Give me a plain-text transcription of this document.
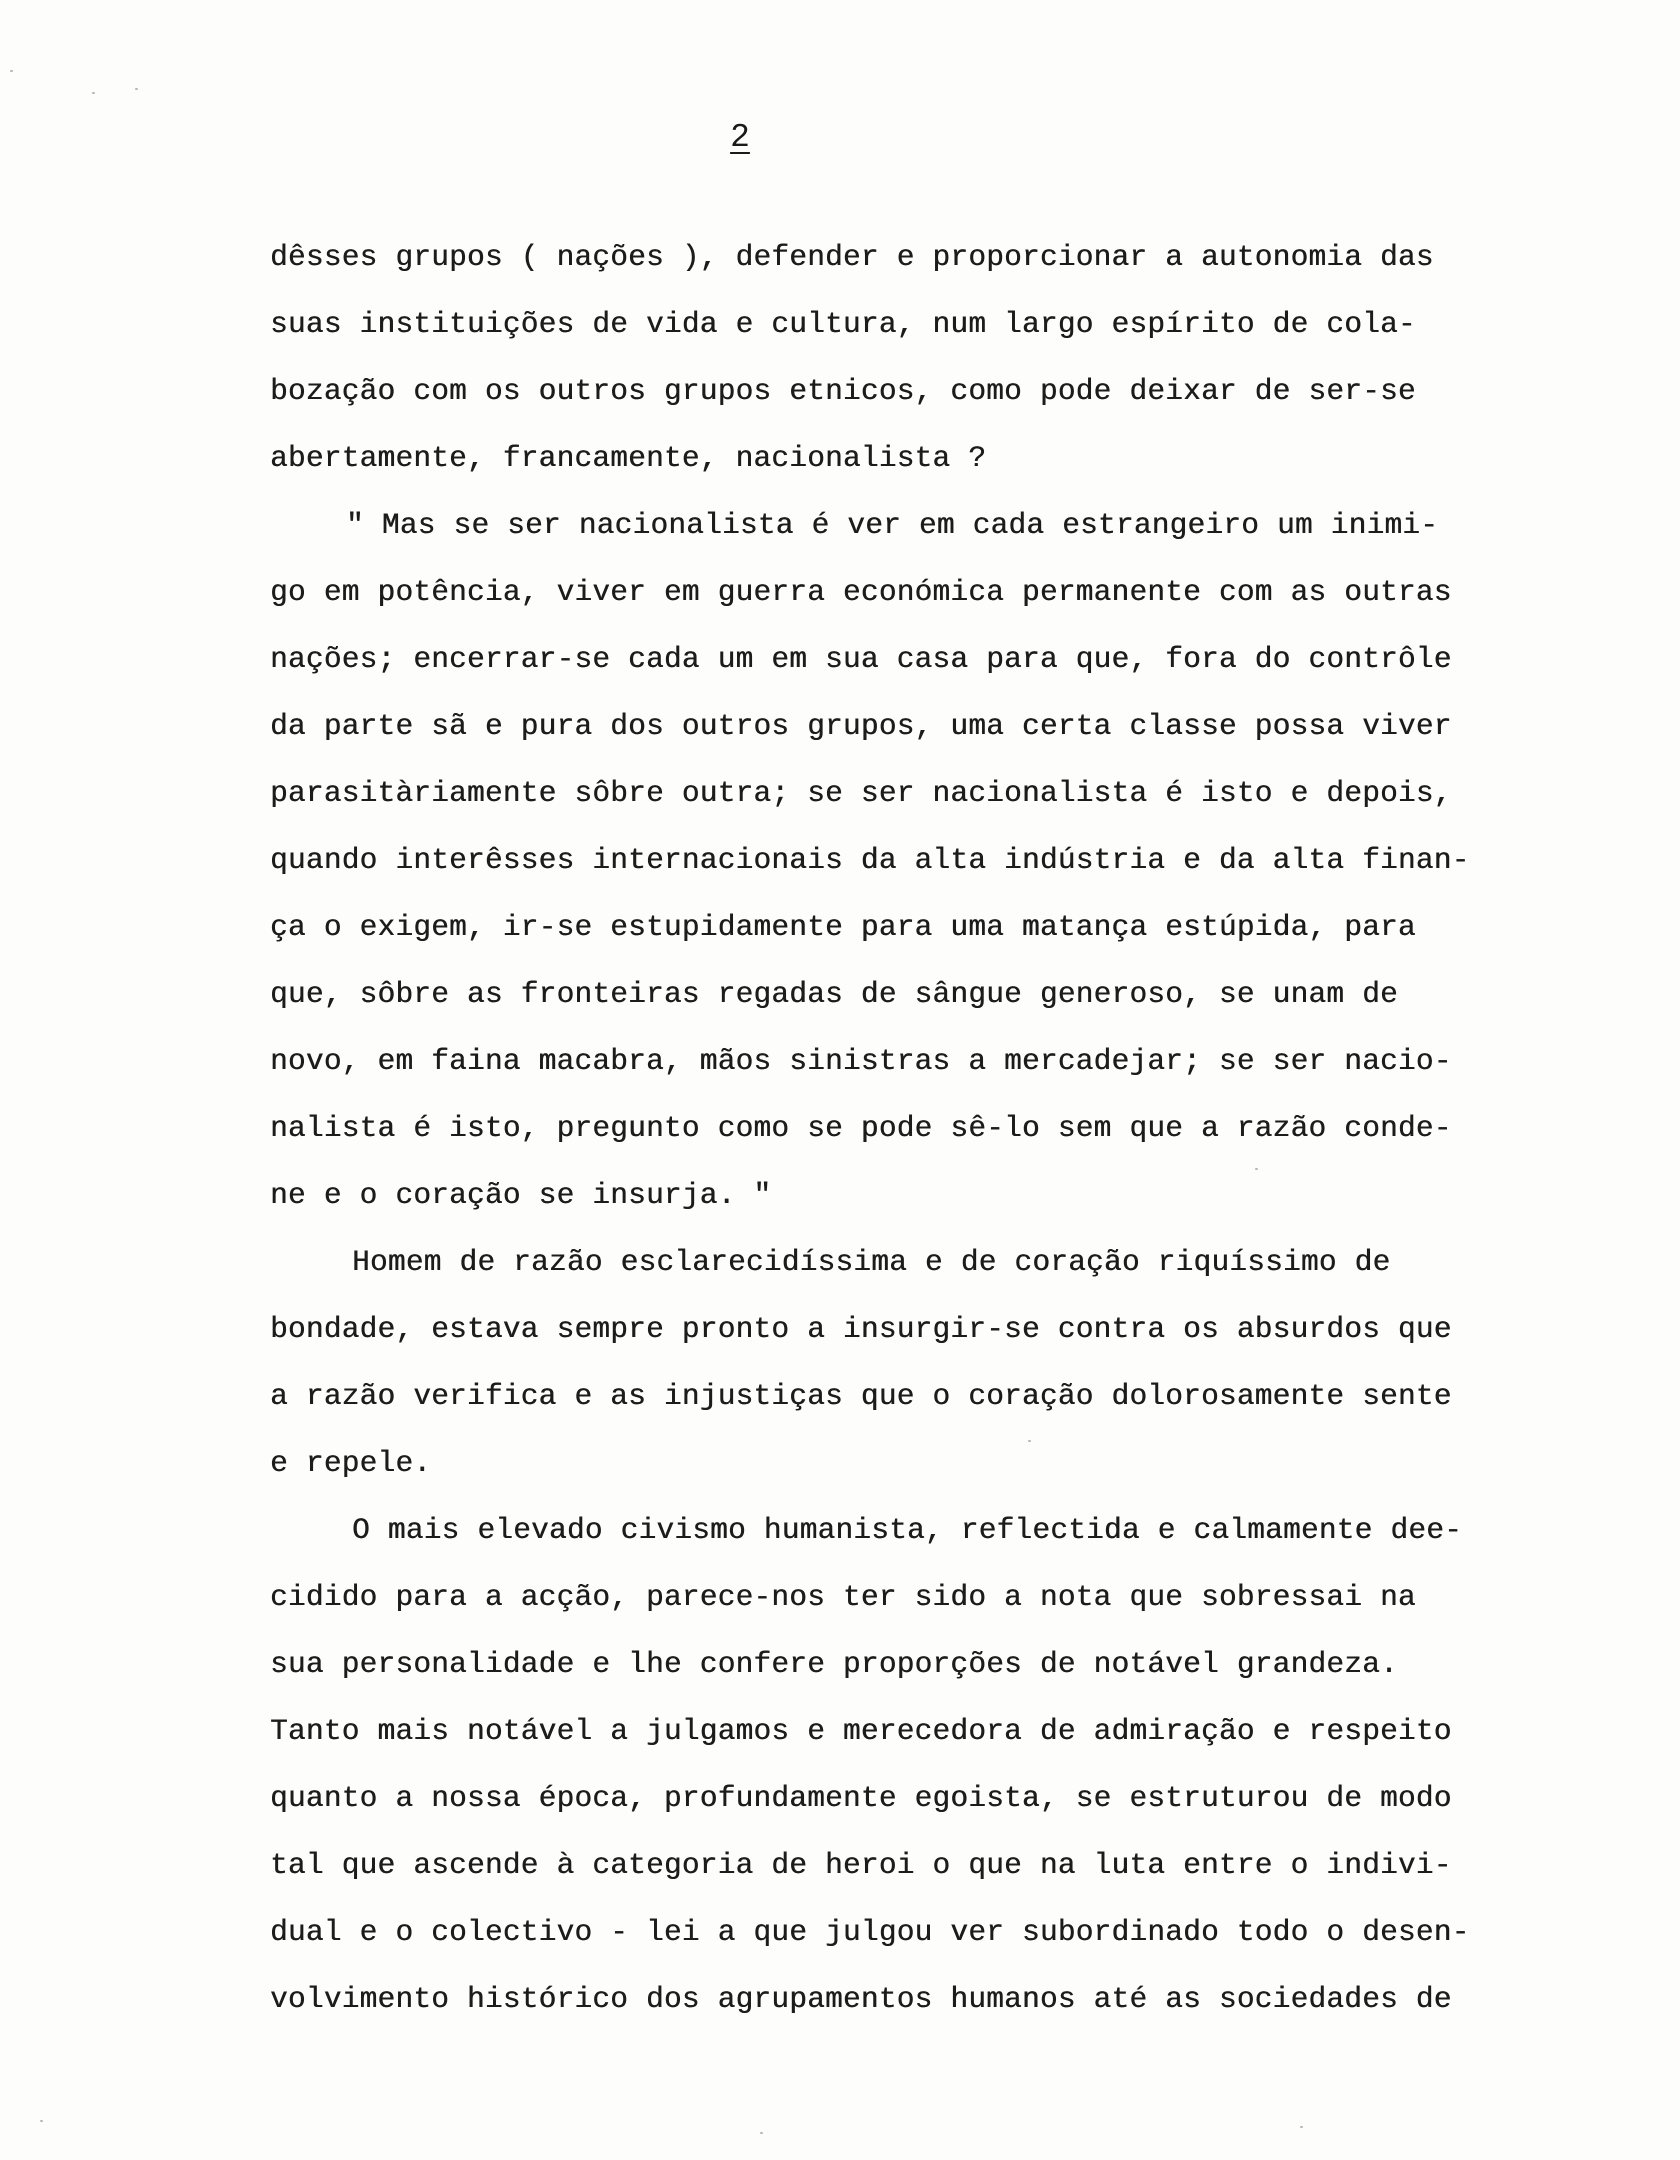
2
dêsses grupos ( nações ), defender e proporcionar a autonomia das
suas instituições de vida e cultura, num largo espírito de cola-
bozação com os outros grupos etnicos, como pode deixar de ser-se
abertamente, francamente, nacionalista ?
" Mas se ser nacionalista é ver em cada estrangeiro um inimi-
go em potência, viver em guerra económica permanente com as outras
nações; encerrar-se cada um em sua casa para que, fora do contrôle
da parte sã e pura dos outros grupos, uma certa classe possa viver
parasitàriamente sôbre outra; se ser nacionalista é isto e depois,
quando interêsses internacionais da alta indústria e da alta finan-
ça o exigem, ir-se estupidamente para uma matança estúpida, para
que, sôbre as fronteiras regadas de sângue generoso, se unam de
novo, em faina macabra, mãos sinistras a mercadejar; se ser nacio-
nalista é isto, pregunto como se pode sê-lo sem que a razão conde-
ne e o coração se insurja. "
Homem de razão esclarecidíssima e de coração riquíssimo de
bondade, estava sempre pronto a insurgir-se contra os absurdos que
a razão verifica e as injustiças que o coração dolorosamente sente
e repele.
O mais elevado civismo humanista, reflectida e calmamente dee-
cidido para a acção, parece-nos ter sido a nota que sobressai na
sua personalidade e lhe confere proporções de notável grandeza.
Tanto mais notável a julgamos e merecedora de admiração e respeito
quanto a nossa época, profundamente egoista, se estruturou de modo
tal que ascende à categoria de heroi o que na luta entre o indivi-
dual e o colectivo - lei a que julgou ver subordinado todo o desen-
volvimento histórico dos agrupamentos humanos até as sociedades de
